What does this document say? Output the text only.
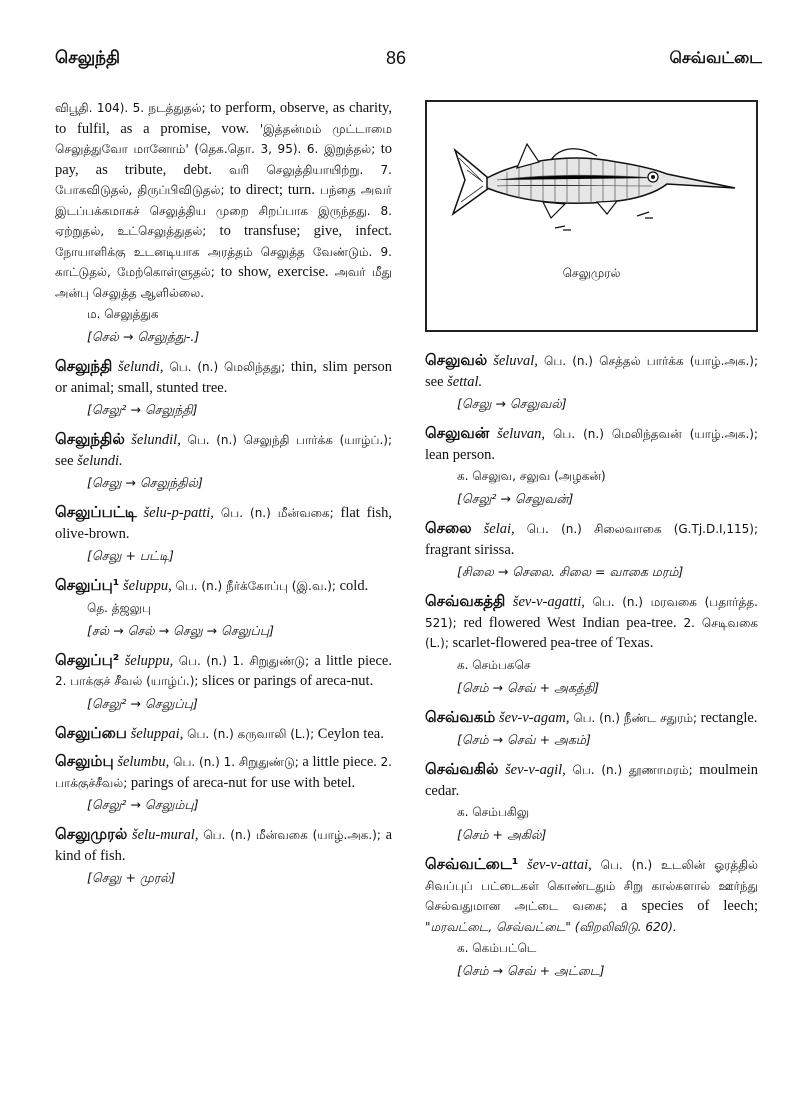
செலுந்தி	86	செவ்வட்டை
விபூதி. 104). 5. நடத்துதல்; to perform, observe, as charity, to fulfil, as a promise, vow. 'இத்தன்மம் முட்டாமை செலுத்துவோ மானோம்' (தெக.தொ. 3, 95). 6. இறுத்தல்; to pay, as tribute, debt. வரி செலுத்தியாயிற்று. 7. போகவிடுதல், திருப்பிவிடுதல்; to direct; turn. பந்தை அவர் இடப்பக்கமாகச் செலுத்திய முறை சிறப்பாக இருந்தது. 8. ஏற்றுதல், உட்செலுத்துதல்; to transfuse; give, infect. நோயாளிக்கு உடனடியாக அரத்தம் செலுத்த வேண்டும். 9. காட்டுதல், மேற்கொள்ளுதல்; to show, exercise. அவர் மீது அன்பு செலுத்த ஆளில்லை.
ம. செலுத்துக
[செல் → செலுத்து-.]
செலுந்தி šelundi, பெ. (n.) மெலிந்தது; thin, slim person or animal; small, stunted tree.
[செலு² → செலுந்தி]
செலுந்தில் šelundil, பெ. (n.) செலுந்தி பார்க்க (யாழ்ப்.); see šelundi.
[செலு → செலுந்தில்]
செலுப்பட்டி šelu-p-patti, பெ. (n.) மீன்வகை; flat fish, olive-brown.
[செலு + பட்டி]
செலுப்பு¹ šeluppu, பெ. (n.) நீர்க்கோப்பு (இ.வ.); cold.
தெ. த்ஜலுபு
[சல் → செல் → செலு → செலுப்பு]
செலுப்பு² šeluppu, பெ. (n.) 1. சிறுதுண்டு; a little piece. 2. பாக்குச் சீவல் (யாழ்ப்.); slices or parings of areca-nut.
[செலு² → செலுப்பு]
செலுப்பை šeluppai, பெ. (n.) கருவாலி (L.); Ceylon tea.
செலும்பு šelumbu, பெ. (n.) 1. சிறுதுண்டு; a little piece. 2. பாக்குச்சீவல்; parings of areca-nut for use with betel.
[செலு² → செலும்பு]
செலுமுரல் šelu-mural, பெ. (n.) மீன்வகை (யாழ்.அக.); a kind of fish.
[செலு + முரல்]
செலுமுரல்
செலுவல் šeluval, பெ. (n.) செத்தல் பார்க்க (யாழ்.அக.); see šettal.
[செலு → செலுவல்]
செலுவன் šeluvan, பெ. (n.) மெலிந்தவன் (யாழ்.அக.); lean person.
க. செலுவ, சலுவ (அழகன்)
[செலு² → செலுவன்]
செலை šelai, பெ. (n.) சிலைவாகை (G.Tj.D.I,115); fragrant sirissa.
[சிலை → செலை. சிலை = வாகை மரம்]
செவ்வகத்தி šev-v-agatti, பெ. (n.) மரவகை (பதார்த்த. 521); red flowered West Indian pea-tree. 2. செடிவகை (L.); scarlet-flowered pea-tree of Texas.
க. செம்பகசெ
[செம் → செவ் + அகத்தி]
செவ்வகம் šev-v-agam, பெ. (n.) நீண்ட சதுரம்; rectangle.
[செம் → செவ் + அகம்]
செவ்வகில் šev-v-agil, பெ. (n.) தூணாமரம்; moulmein cedar.
க. செம்பகிலு
[செம் + அகில்]
செவ்வட்டை¹ šev-v-attai, பெ. (n.) உடலின் ஓரத்தில் சிவப்புப் பட்டைகள் கொண்டதும் சிறு கால்களால் ஊர்ந்து செல்வதுமான அட்டை வகை; a species of leech; "மரவட்டை, செவ்வட்டை" (விறலிவிடு. 620).
க. கெம்பட்டெ
[செம் → செவ் + அட்டை]
